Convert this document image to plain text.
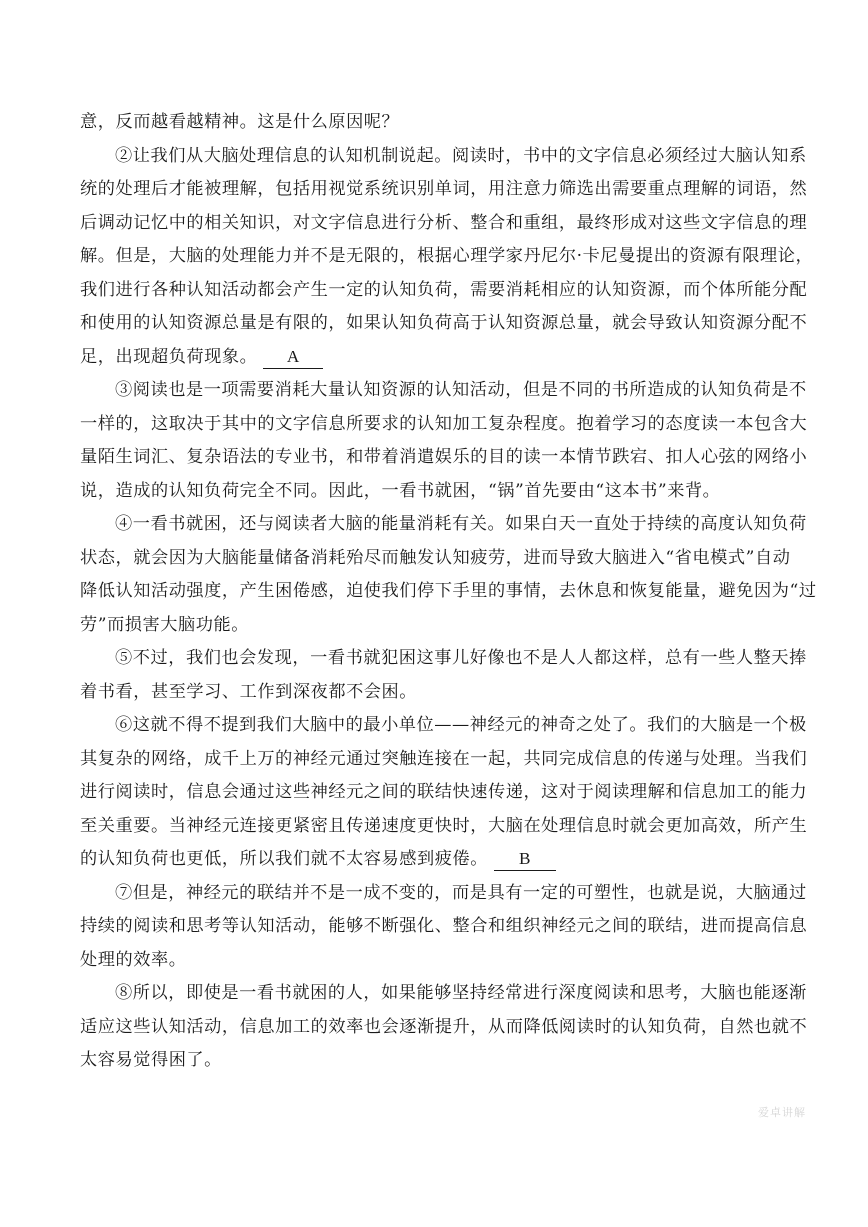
意，反而越看越精神。这是什么原因呢？
②让我们从大脑处理信息的认知机制说起。阅读时，书中的文字信息必须经过大脑认知系
统的处理后才能被理解，包括用视觉系统识别单词，用注意力筛选出需要重点理解的词语，然
后调动记忆中的相关知识，对文字信息进行分析、整合和重组，最终形成对这些文字信息的理
解。但是，大脑的处理能力并不是无限的，根据心理学家丹尼尔·卡尼曼提出的资源有限理论，
我们进行各种认知活动都会产生一定的认知负荷，需要消耗相应的认知资源，而个体所能分配
和使用的认知资源总量是有限的，如果认知负荷高于认知资源总量，就会导致认知资源分配不
足，出现超负荷现象。 A
③阅读也是一项需要消耗大量认知资源的认知活动，但是不同的书所造成的认知负荷是不
一样的，这取决于其中的文字信息所要求的认知加工复杂程度。抱着学习的态度读一本包含大
量陌生词汇、复杂语法的专业书，和带着消遣娱乐的目的读一本情节跌宕、扣人心弦的网络小
说，造成的认知负荷完全不同。因此，一看书就困，“锅”首先要由“这本书”来背。
④一看书就困，还与阅读者大脑的能量消耗有关。如果白天一直处于持续的高度认知负荷
状态，就会因为大脑能量储备消耗殆尽而触发认知疲劳，进而导致大脑进入“省电模式”自动
降低认知活动强度，产生困倦感，迫使我们停下手里的事情，去休息和恢复能量，避免因为“过
劳”而损害大脑功能。
⑤不过，我们也会发现，一看书就犯困这事儿好像也不是人人都这样，总有一些人整天捧
着书看，甚至学习、工作到深夜都不会困。
⑥这就不得不提到我们大脑中的最小单位——神经元的神奇之处了。我们的大脑是一个极
其复杂的网络，成千上万的神经元通过突触连接在一起，共同完成信息的传递与处理。当我们
进行阅读时，信息会通过这些神经元之间的联结快速传递，这对于阅读理解和信息加工的能力
至关重要。当神经元连接更紧密且传递速度更快时，大脑在处理信息时就会更加高效，所产生
的认知负荷也更低，所以我们就不太容易感到疲倦。 B
⑦但是，神经元的联结并不是一成不变的，而是具有一定的可塑性，也就是说，大脑通过
持续的阅读和思考等认知活动，能够不断强化、整合和组织神经元之间的联结，进而提高信息
处理的效率。
⑧所以，即使是一看书就困的人，如果能够坚持经常进行深度阅读和思考，大脑也能逐渐
适应这些认知活动，信息加工的效率也会逐渐提升，从而降低阅读时的认知负荷，自然也就不
太容易觉得困了。
爱卓讲解
